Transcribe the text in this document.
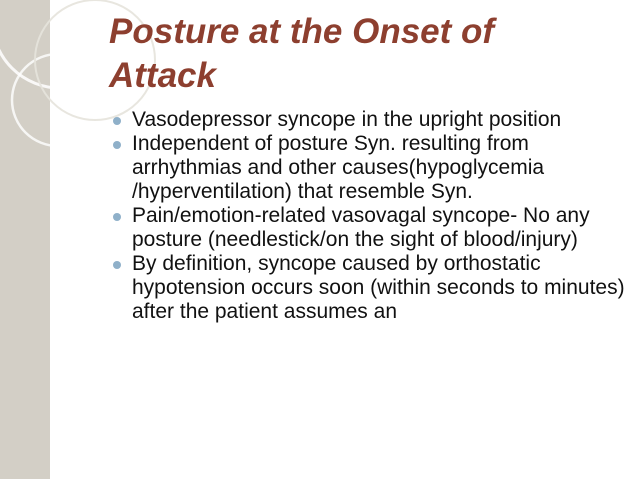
Posture at the Onset of Attack
Vasodepressor syncope in the upright position
Independent of posture Syn. resulting from arrhythmias and other causes(hypoglycemia /hyperventilation) that resemble Syn.
Pain/emotion-related vasovagal syncope- No any posture (needlestick/on the sight of blood/injury)
By definition, syncope caused by orthostatic hypotension occurs soon (within seconds to minutes) after the patient assumes an
